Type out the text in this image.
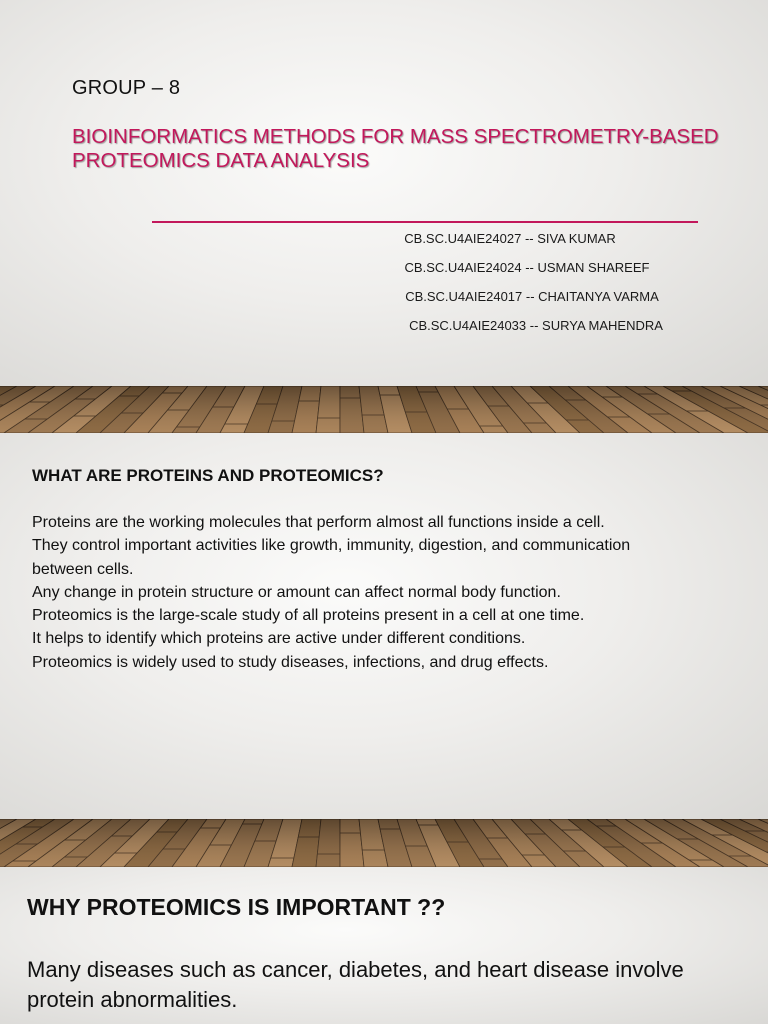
GROUP – 8
BIOINFORMATICS METHODS FOR MASS SPECTROMETRY-BASED
PROTEOMICS DATA ANALYSIS
CB.SC.U4AIE24027 -- SIVA KUMAR
CB.SC.U4AIE24024 -- USMAN SHAREEF
CB.SC.U4AIE24017 -- CHAITANYA VARMA
CB.SC.U4AIE24033 -- SURYA MAHENDRA
WHAT ARE PROTEINS AND PROTEOMICS?
Proteins are the working molecules that perform almost all functions inside a cell.
They control important activities like growth, immunity, digestion, and communication
between cells.
Any change in protein structure or amount can affect normal body function.
Proteomics is the large-scale study of all proteins present in a cell at one time.
It helps to identify which proteins are active under different conditions.
Proteomics is widely used to study diseases, infections, and drug effects.
WHY PROTEOMICS IS IMPORTANT ??
Many diseases such as cancer, diabetes, and heart disease involve
protein abnormalities.
